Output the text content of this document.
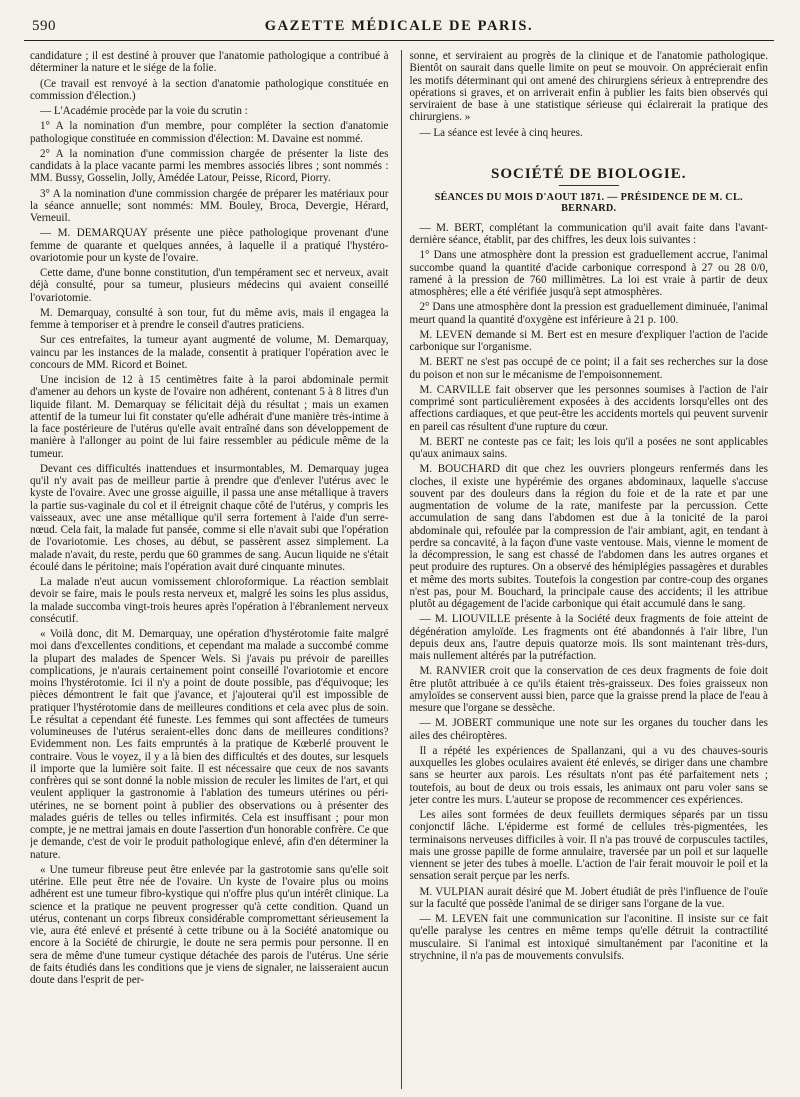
590	GAZETTE MÉDICALE DE PARIS.

candidature ; il est destiné à prouver que l'anatomie pathologique a contribué à déterminer la nature et le siége de la folie.

(Ce travail est renvoyé à la section d'anatomie pathologique constituée en commission d'élection.)

— L'Académie procède par la voie du scrutin :

1° A la nomination d'un membre, pour compléter la section d'anatomie pathologique constituée en commission d'élection: M. Davaine est nommé.

2° A la nomination d'une commission chargée de présenter la liste des candidats à la place vacante parmi les membres associés libres ; sont nommés : MM. Bussy, Gosselin, Jolly, Amédée Latour, Peisse, Ricord, Piorry.

3° A la nomination d'une commission chargée de préparer les matériaux pour la séance annuelle; sont nommés: MM. Bouley, Broca, Devergie, Hérard, Verneuil.

— M. DEMARQUAY présente une pièce pathologique provenant d'une femme de quarante et quelques années, à laquelle il a pratiqué l'hystéro-ovariotomie pour un kyste de l'ovaire.

Cette dame, d'une bonne constitution, d'un tempérament sec et nerveux, avait déjà consulté, pour sa tumeur, plusieurs médecins qui avaient conseillé l'ovariotomie.

M. Demarquay, consulté à son tour, fut du même avis, mais il engagea la femme à temporiser et à prendre le conseil d'autres praticiens.

Sur ces entrefaites, la tumeur ayant augmenté de volume, M. Demarquay, vaincu par les instances de la malade, consentit à pratiquer l'opération avec le concours de MM. Ricord et Boinet.

Une incision de 12 à 15 centimètres faite à la paroi abdominale permit d'amener au dehors un kyste de l'ovaire non adhérent, contenant 5 à 8 litres d'un liquide filant. M. Demarquay se félicitait déjà du résultat ; mais un examen attentif de la tumeur lui fit constater qu'elle adhérait d'une manière très-intime à la face postérieure de l'utérus qu'elle avait entraîné dans son développement de manière à l'allonger au point de lui faire ressembler au pédicule même de la tumeur.

Devant ces difficultés inattendues et insurmontables, M. Demarquay jugea qu'il n'y avait pas de meilleur partie à prendre que d'enlever l'utérus avec le kyste de l'ovaire. Avec une grosse aiguille, il passa une anse métallique à travers la partie sus-vaginale du col et il étreignit chaque côté de l'utérus, y compris les vaisseaux, avec une anse métallique qu'il serra fortement à l'aide d'un serre-nœud. Cela fait, la malade fut pansée, comme si elle n'avait subi que l'opération de l'ovariotomie. Les choses, au début, se passèrent assez simplement. La malade n'avait, du reste, perdu que 60 grammes de sang. Aucun liquide ne s'était écoulé dans le péritoine; mais l'opération avait duré cinquante minutes.

La malade n'eut aucun vomissement chloroformique. La réaction semblait devoir se faire, mais le pouls resta nerveux et, malgré les soins les plus assidus, la malade succomba vingt-trois heures après l'opération à l'ébranlement nerveux consécutif.

« Voilà donc, dit M. Demarquay, une opération d'hystérotomie faite malgré moi dans d'excellentes conditions, et cependant ma malade a succombé comme la plupart des malades de Spencer Wels. Si j'avais pu prévoir de pareilles complications, je n'aurais certainement point conseillé l'ovariotomie et encore moins l'hystérotomie. Ici il n'y a point de doute possible, pas d'équivoque; les pièces démontrent le fait que j'avance, et j'ajouterai qu'il est impossible de pratiquer l'hystérotomie dans de meilleures conditions et cela avec plus de soin. Le résultat a cependant été funeste. Les femmes qui sont affectées de tumeurs volumineuses de l'utérus seraient-elles donc dans de meilleures conditions? Evidemment non. Les faits empruntés à la pratique de Kœberlé prouvent le contraire. Vous le voyez, il y a là bien des difficultés et des doutes, sur lesquels il importe que la lumière soit faite. Il est nécessaire que ceux de nos savants confrères qui se sont donné la noble mission de reculer les limites de l'art, et qui veulent appliquer la gastronomie à l'ablation des tumeurs utérines ou péri-utérines, ne se bornent point à publier des observations ou à présenter des malades guéris de telles ou telles infirmités. Cela est insuffisant ; pour mon compte, je ne mettrai jamais en doute l'assertion d'un honorable confrère. Ce que je demande, c'est de voir le produit pathologique enlevé, afin d'en déterminer la nature.

« Une tumeur fibreuse peut être enlevée par la gastrotomie sans qu'elle soit utérine. Elle peut être née de l'ovaire. Un kyste de l'ovaire plus ou moins adhérent est une tumeur fibro-kystique qui n'offre plus qu'un intérêt clinique. La science et la pratique ne peuvent progresser qu'à cette condition. Quand un utérus, contenant un corps fibreux considérable compromettant sérieusement la vie, aura été enlevé et présenté à cette tribune ou à la Société anatomique ou encore à la Société de chirurgie, le doute ne sera permis pour personne. Il en sera de même d'une tumeur cystique détachée des parois de l'utérus. Une série de faits étudiés dans les conditions que je viens de signaler, ne laisseraient aucun doute dans l'esprit de per-

sonne, et serviraient au progrès de la clinique et de l'anatomie pathologique. Bientôt on saurait dans quelle limite on peut se mouvoir. On apprécierait enfin les motifs déterminant qui ont amené des chirurgiens sérieux à entreprendre des opérations si graves, et on arriverait enfin à publier les faits bien observés qui serviraient de base à une statistique sérieuse qui éclairerait la pratique des chirurgiens. »

— La séance est levée à cinq heures.

SOCIÉTÉ DE BIOLOGIE.
SÉANCES DU MOIS D'AOUT 1871. — PRÉSIDENCE DE M. CL. BERNARD.

— M. BERT, complétant la communication qu'il avait faite dans l'avant-dernière séance, établit, par des chiffres, les deux lois suivantes :

1° Dans une atmosphère dont la pression est graduellement accrue, l'animal succombe quand la quantité d'acide carbonique correspond à 27 ou 28 0/0, ramené à la pression de 760 millimètres. La loi est vraie à partir de deux atmosphères; elle a été vérifiée jusqu'à sept atmosphères.

2° Dans une atmosphère dont la pression est graduellement diminuée, l'animal meurt quand la quantité d'oxygène est inférieure à 21 p. 100.

M. LEVEN demande si M. Bert est en mesure d'expliquer l'action de l'acide carbonique sur l'organisme.

M. BERT ne s'est pas occupé de ce point; il a fait ses recherches sur la dose du poison et non sur le mécanisme de l'empoisonnement.

M. CARVILLE fait observer que les personnes soumises à l'action de l'air comprimé sont particulièrement exposées à des accidents lorsqu'elles ont des affections cardiaques, et que peut-être les accidents mortels qui peuvent survenir en pareil cas résultent d'une rupture du cœur.

M. BERT ne conteste pas ce fait; les lois qu'il a posées ne sont applicables qu'aux animaux sains.

M. BOUCHARD dit que chez les ouvriers plongeurs renfermés dans les cloches, il existe une hypérémie des organes abdominaux, laquelle s'accuse souvent par des douleurs dans la région du foie et de la rate et par une augmentation de volume de la rate, manifeste par la percussion. Cette accumulation de sang dans l'abdomen est due à la tonicité de la paroi abdominale qui, refoulée par la compression de l'air ambiant, agit, en tendant à perdre sa concavité, à la façon d'une vaste ventouse. Mais, vienne le moment de la décompression, le sang est chassé de l'abdomen dans les autres organes et peut produire des ruptures. On a observé des hémiplégies passagères et durables et même des morts subites. Toutefois la congestion par contre-coup des organes n'est pas, pour M. Bouchard, la principale cause des accidents; il les attribue plutôt au dégagement de l'acide carbonique qui était accumulé dans le sang.

— M. LIOUVILLE présente à la Société deux fragments de foie atteint de dégénération amyloïde. Les fragments ont été abandonnés à l'air libre, l'un depuis deux ans, l'autre depuis quatorze mois. Ils sont maintenant très-durs, mais nullement altérés par la putréfaction.

M. RANVIER croit que la conservation de ces deux fragments de foie doit être plutôt attribuée à ce qu'ils étaient très-graisseux. Des foies graisseux non amyloïdes se conservent aussi bien, parce que la graisse prend la place de l'eau à mesure que l'organe se dessèche.

— M. JOBERT communique une note sur les organes du toucher dans les ailes des chéiroptères.

Il a répété les expériences de Spallanzani, qui a vu des chauves-souris auxquelles les globes oculaires avaient été enlevés, se diriger dans une chambre sans se heurter aux parois. Les résultats n'ont pas été parfaitement nets ; toutefois, au bout de deux ou trois essais, les animaux ont paru voler sans se jeter contre les murs. L'auteur se propose de recommencer ces expériences.

Les ailes sont formées de deux feuillets dermiques séparés par un tissu conjonctif lâche. L'épiderme est formé de cellules très-pigmentées, les terminaisons nerveuses difficiles à voir. Il n'a pas trouvé de corpuscules tactiles, mais une grosse papille de forme annulaire, traversée par un poil et sur laquelle viennent se jeter des tubes à moelle. L'action de l'air ferait mouvoir le poil et la sensation serait perçue par les nerfs.

M. VULPIAN aurait désiré que M. Jobert étudiât de près l'influence de l'ouïe sur la faculté que possède l'animal de se diriger sans l'organe de la vue.

— M. LEVEN fait une communication sur l'aconitine. Il insiste sur ce fait qu'elle paralyse les centres en même temps qu'elle détruit la contractilité musculaire. Si l'animal est intoxiqué simultanément par l'aconitine et la strychnine, il n'a pas de mouvements convulsifs.
